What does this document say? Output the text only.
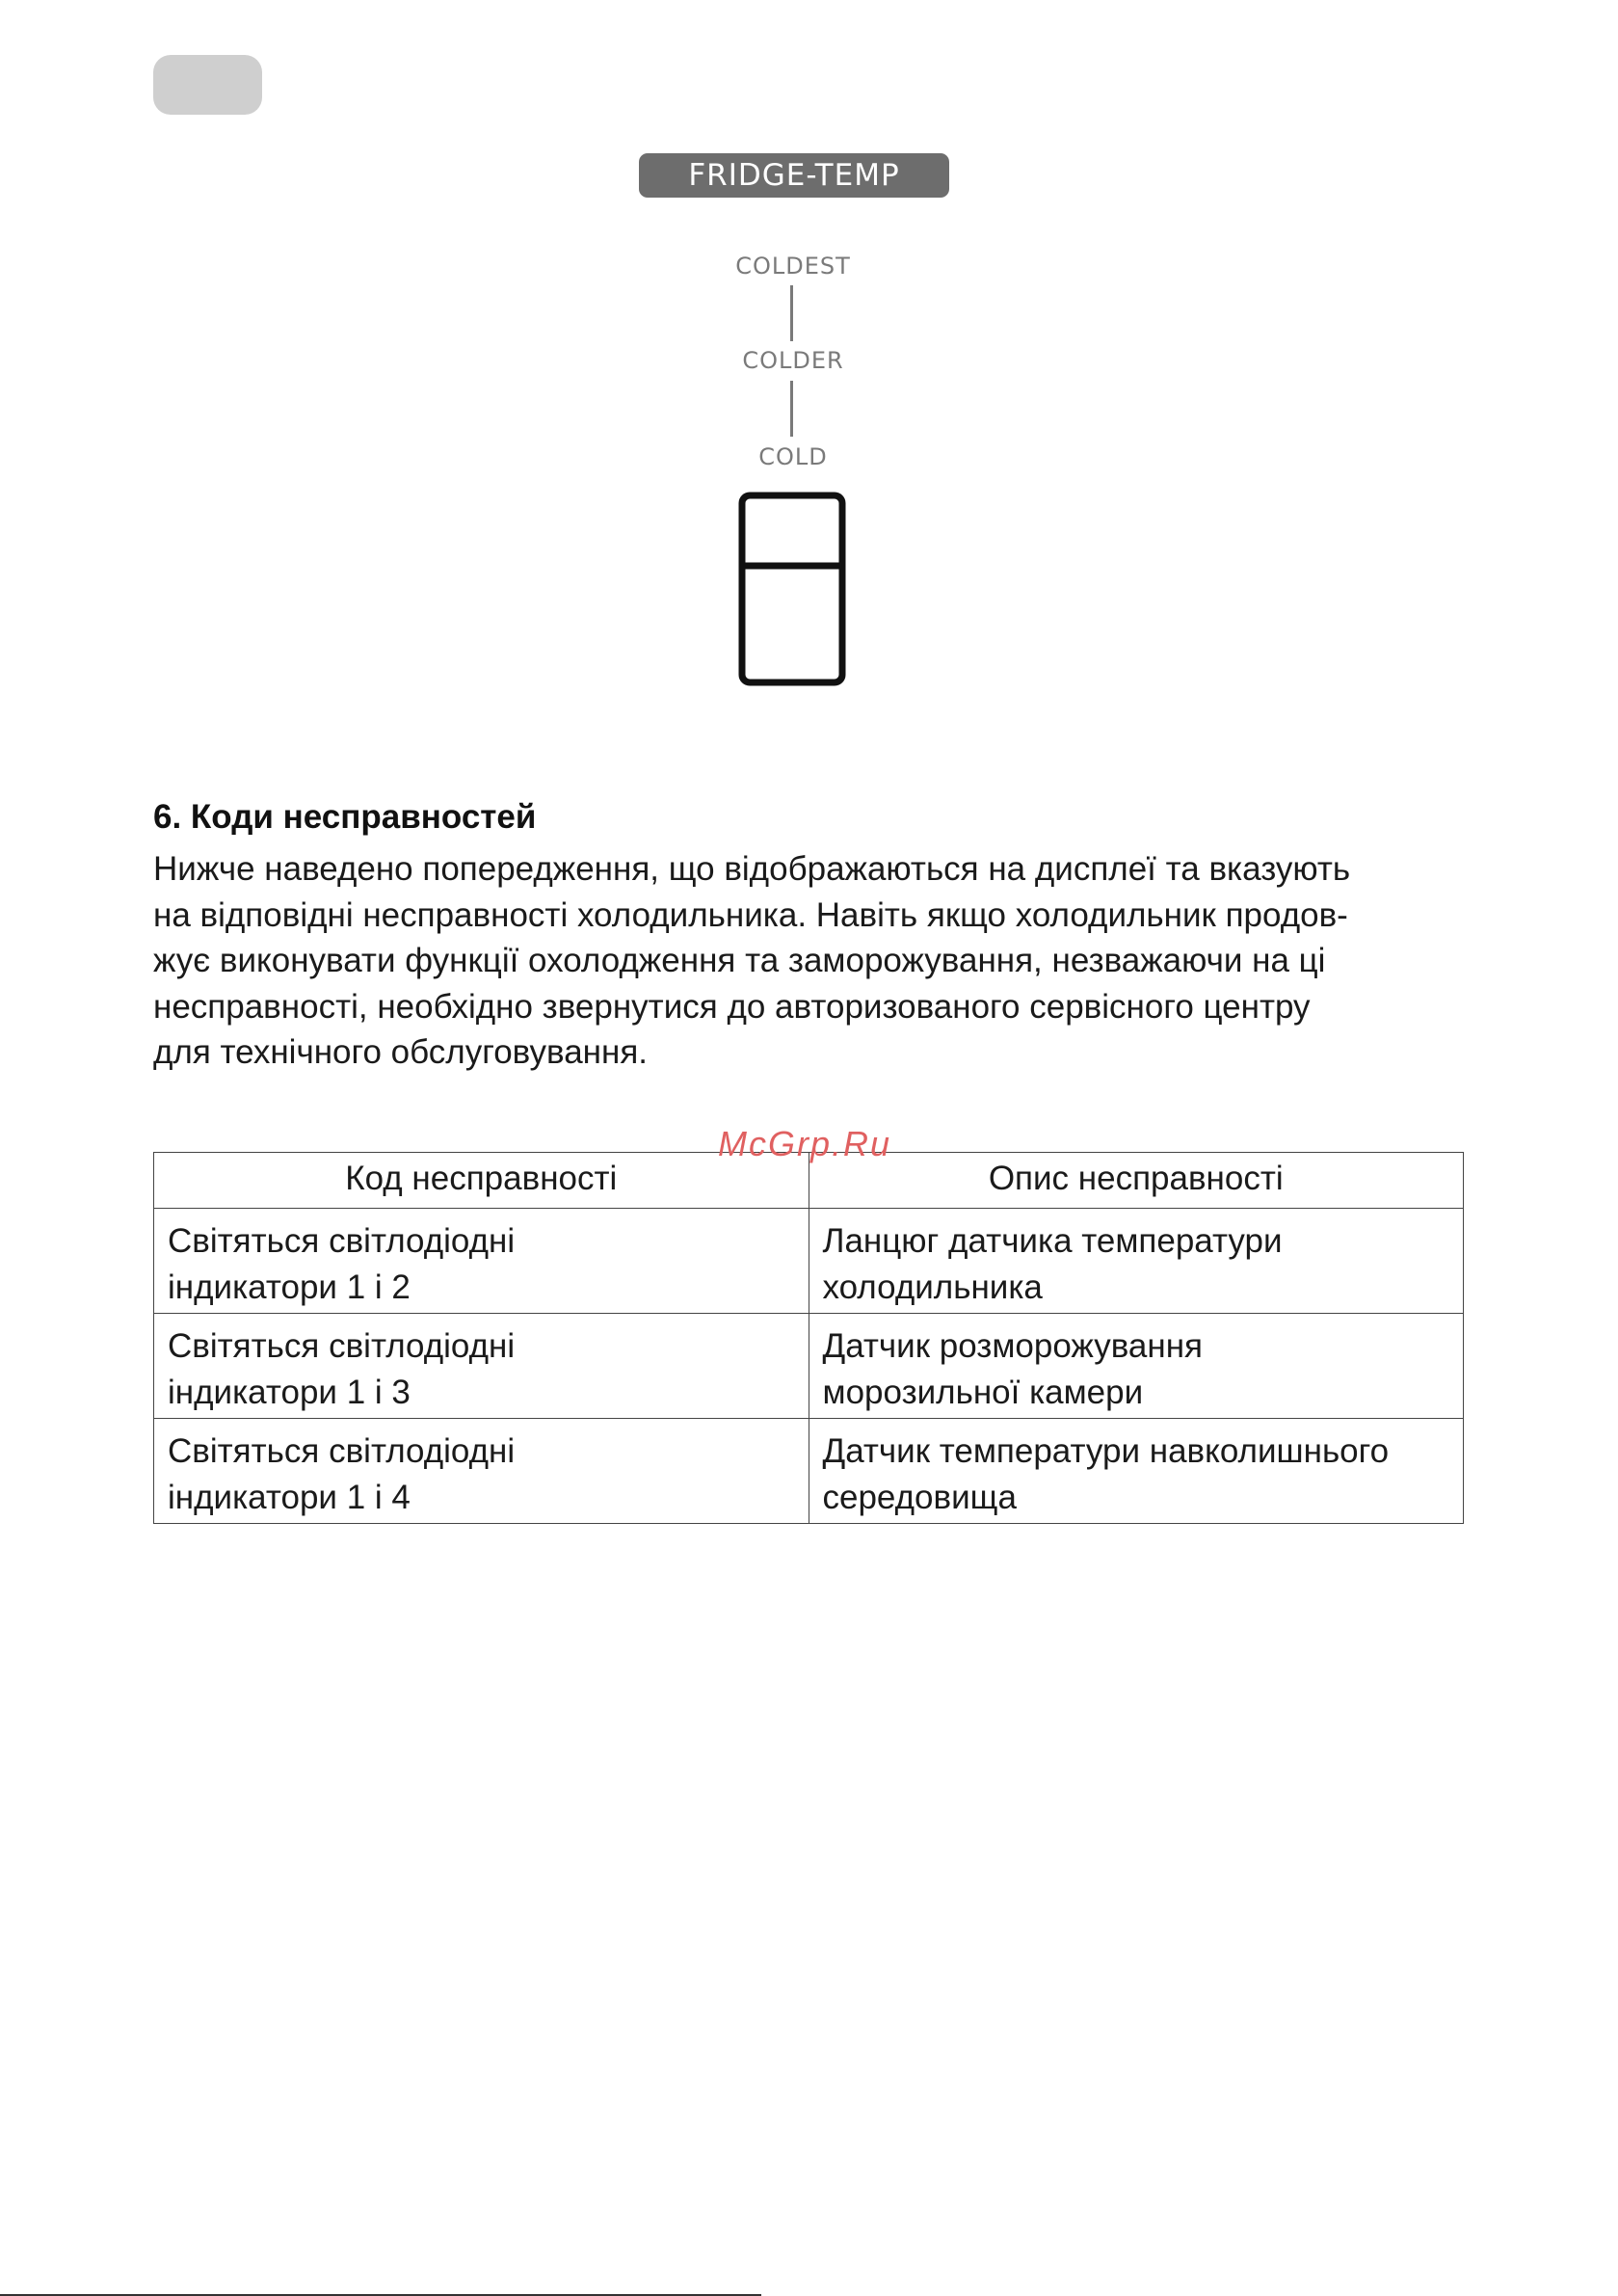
FRIDGE-TEMP
COLDEST
COLDER
COLD
6. Коди несправностей

Нижче наведено попередження, що відображаються на дисплеї та вказують
на відповідні несправності холодильника. Навіть якщо холодильник продов-
жує виконувати функції охолодження та заморожування, незважаючи на ці
несправності, необхідно звернутися до авторизованого сервісного центру
для технічного обслуговування.

Код несправності	Опис несправності

Світяться світлодіодні
індикатори 1 і 2	Ланцюг датчика температури
холодильника

Світяться світлодіодні
індикатори 1 і 3	Датчик розморожування
морозильної камери

Світяться світлодіодні
індикатори 1 і 4	Датчик температури навколишнього
середовища
McGrp.Ru
